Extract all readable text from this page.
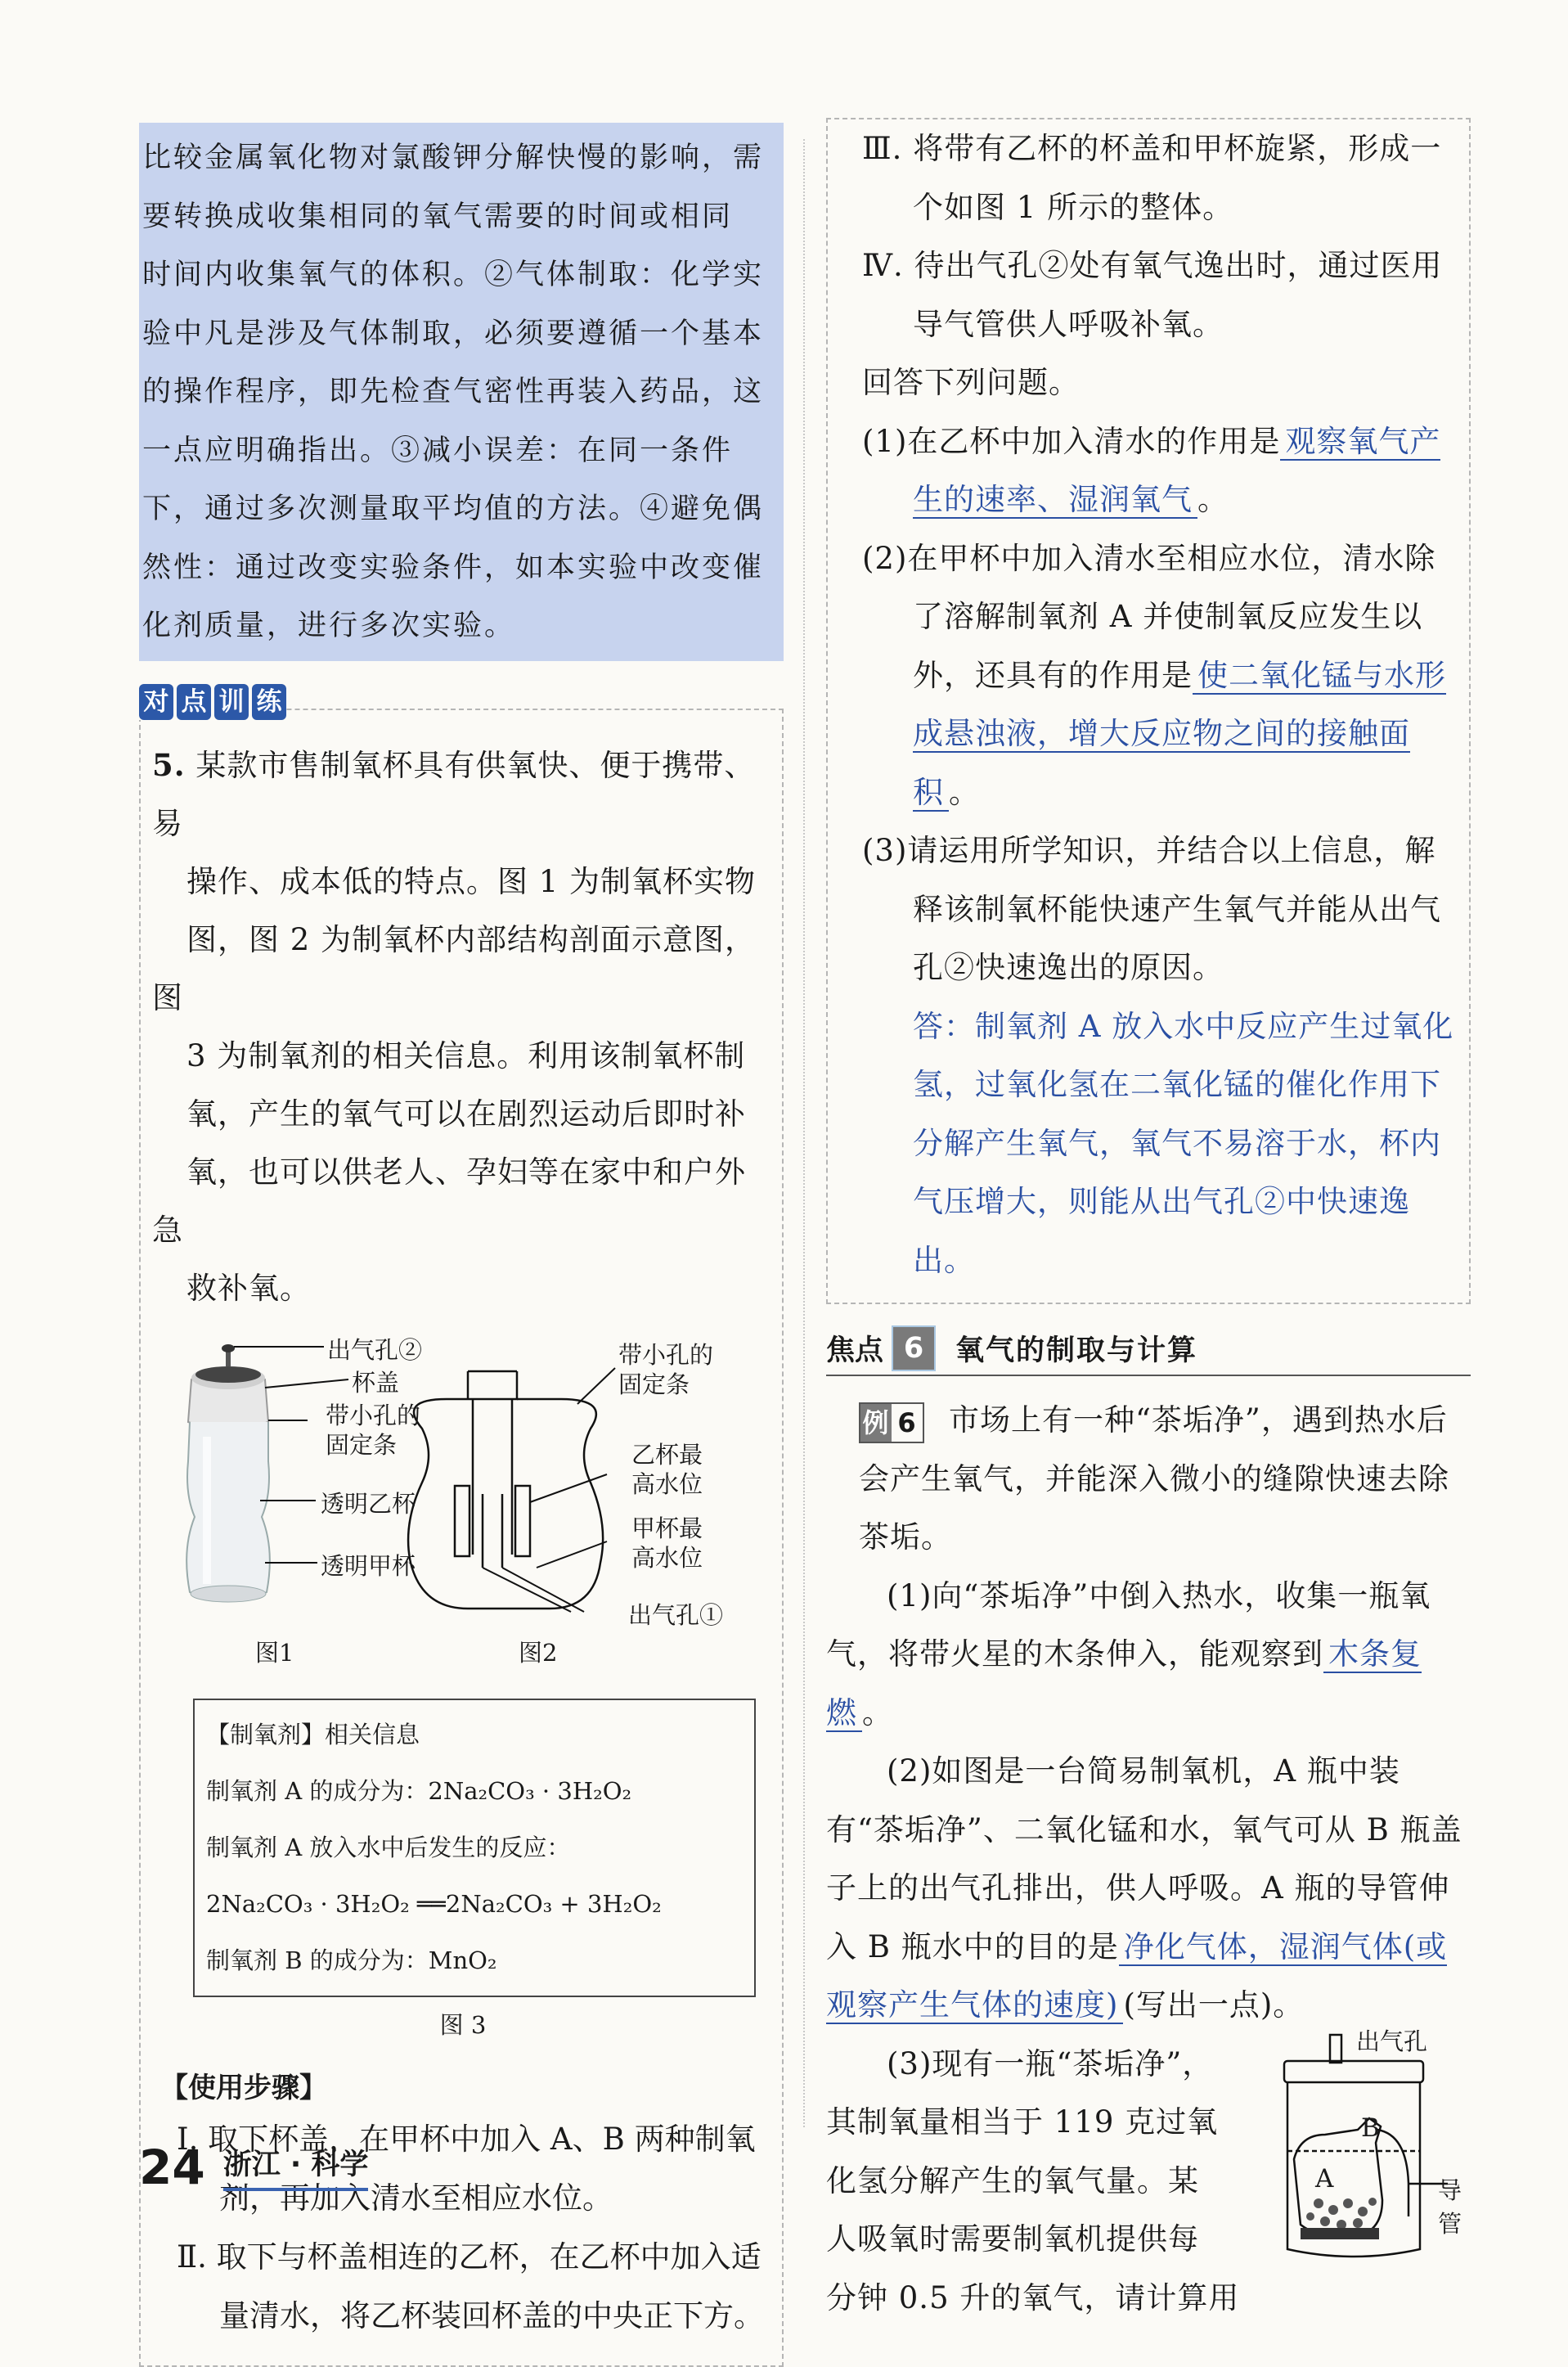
比较金属氧化物对氯酸钾分解快慢的影响，需

要转换成收集相同的氧气需要的时间或相同

时间内收集氧气的体积。②气体制取：化学实

验中凡是涉及气体制取，必须要遵循一个基本

的操作程序，即先检查气密性再装入药品，这

一点应明确指出。③减小误差：在同一条件

下，通过多次测量取平均值的方法。④避免偶

然性：通过改变实验条件，如本实验中改变催

化剂质量，进行多次实验。

对 点 训 练

5. 某款市售制氧杯具有供氧快、便于携带、易
操作、成本低的特点。图 1 为制氧杯实物
图，图 2 为制氧杯内部结构剖面示意图，图
3 为制氧剂的相关信息。利用该制氧杯制
氧，产生的氧气可以在剧烈运动后即时补
氧，也可以供老人、孕妇等在家中和户外急
救补氧。

出气孔②
杯盖
带小孔的
固定条
透明乙杯
透明甲杯
带小孔的
固定条
乙杯最
高水位
甲杯最
高水位
出气孔①
图1	图2

【制氧剂】相关信息

制氧剂 A 的成分为：2Na₂CO₃ · 3H₂O₂

制氧剂 A 放入水中后发生的反应：

2Na₂CO₃ · 3H₂O₂ ══2Na₂CO₃ + 3H₂O₂

制氧剂 B 的成分为：MnO₂

图 3

【使用步骤】

Ⅰ. 取下杯盖，在甲杯中加入 A、B 两种制氧剂，再加入清水至相应水位。

Ⅱ. 取下与杯盖相连的乙杯，在乙杯中加入适量清水，将乙杯装回杯盖的中央正下方。

Ⅲ. 将带有乙杯的杯盖和甲杯旋紧，形成一个如图 1 所示的整体。

Ⅳ. 待出气孔②处有氧气逸出时，通过医用导气管供人呼吸补氧。

回答下列问题。

(1)在乙杯中加入清水的作用是 观察氧气产生的速率、湿润氧气 。

(2)在甲杯中加入清水至相应水位，清水除了溶解制氧剂 A 并使制氧反应发生以外，还具有的作用是 使二氧化锰与水形成悬浊液，增大反应物之间的接触面积 。

(3)请运用所学知识，并结合以上信息，解释该制氧杯能快速产生氧气并能从出气孔②快速逸出的原因。

答：制氧剂 A 放入水中反应产生过氧化氢，过氧化氢在二氧化锰的催化作用下分解产生氧气，氧气不易溶于水，杯内气压增大，则能从出气孔②中快速逸出。

焦点 6	氧气的制取与计算

例 6 市场上有一种“茶垢净”，遇到热水后会产生氧气，并能深入微小的缝隙快速去除茶垢。

(1)向“茶垢净”中倒入热水，收集一瓶氧气，将带火星的木条伸入，能观察到 木条复燃 。

(2)如图是一台简易制氧机，A 瓶中装有“茶垢净”、二氧化锰和水，氧气可从 B 瓶盖子上的出气孔排出，供人呼吸。A 瓶的导管伸入 B 瓶水中的目的是 净化气体，湿润气体(或观察产生气体的速度) (写出一点)。

(3)现有一瓶“茶垢净”，
其制氧量相当于 119 克过氧
化氢分解产生的氧气量。某
人吸氧时需要制氧机提供每
分钟 0.5 升的氧气，请计算用

出气孔
B
A	导管
24 浙江 · 科学
